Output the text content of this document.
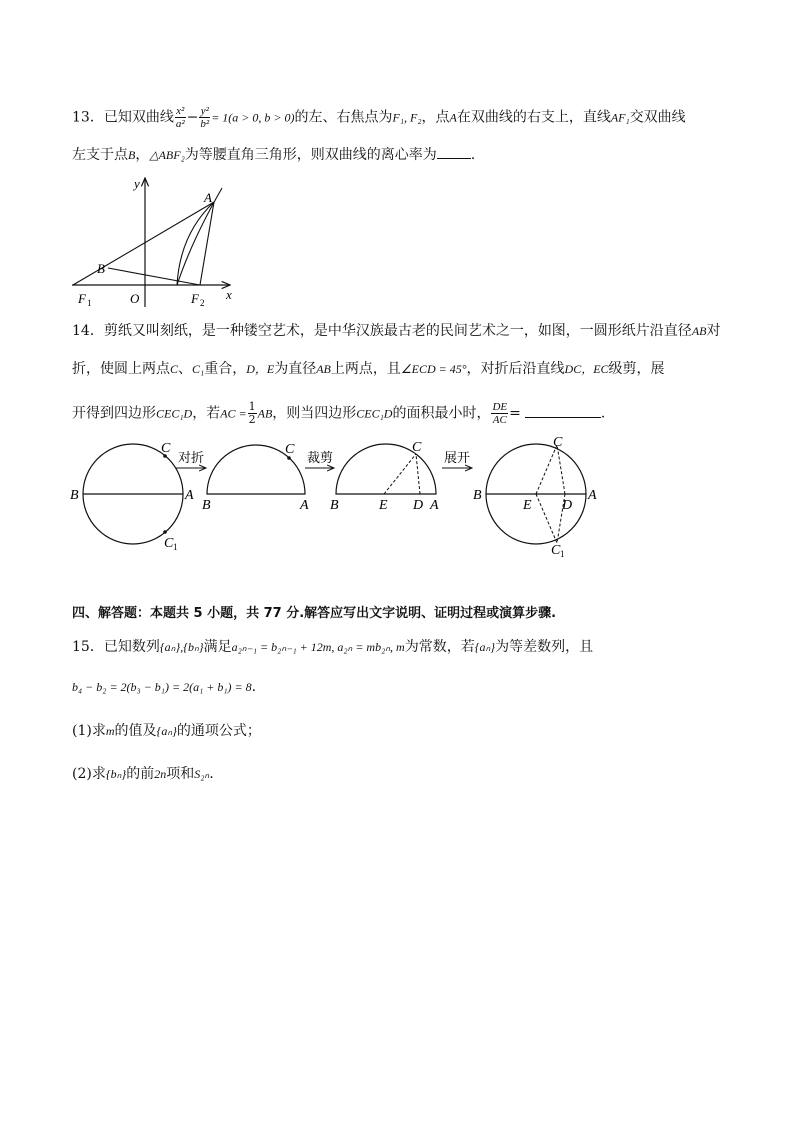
13．已知双曲线 $\frac{\text{x²}}{\text{a²}} - \frac{\text{y²}}{\text{b²}} = 1(a > 0$, b > 0)的左、右焦点为F₁, F₂，点A在双曲线的右支上，直线AF₁交双曲线
左支于点B，△ABF₂为等腰直角三角形，则双曲线的离心率为 .
y
A
B
F 1	O	F 2
x
14．剪纸又叫刻纸，是一种镂空艺术，是中华汉族最古老的民间艺术之一，如图，一圆形纸片沿直径AB对
折，使圆上两点C、C₁重合，D，E为直径AB上两点，且∠ECD = 45°，对折后沿直线DC，EC级剪，展
开得到四边形CEC₁D，若AC = $\frac{1}{2}$ AB，则当四边形CEC₁D的面积最小时， $\frac{DE}{AC}$ =	.
B	A
C
C 1
对折
B	A
C
裁剪
B	E D A
C
展开
B	A
E D
C
C 1
四、解答题：本题共 5 小题，共 77 分.解答应写出文字说明、证明过程或演算步骤.
15．已知数列{aₙ},{bₙ}满足a₂ₙ₋₁ = b₂ₙ₋₁ + 12m, a₂ₙ = mb₂ₙ, m为常数，若{aₙ}为等差数列，且
b₄ − b₂ = 2(b₃ − b₁) = 2(a₁ + b₁) = 8.
(1)求m的值及{aₙ}的通项公式；
(2)求{bₙ}的前2n项和S₂ₙ.
